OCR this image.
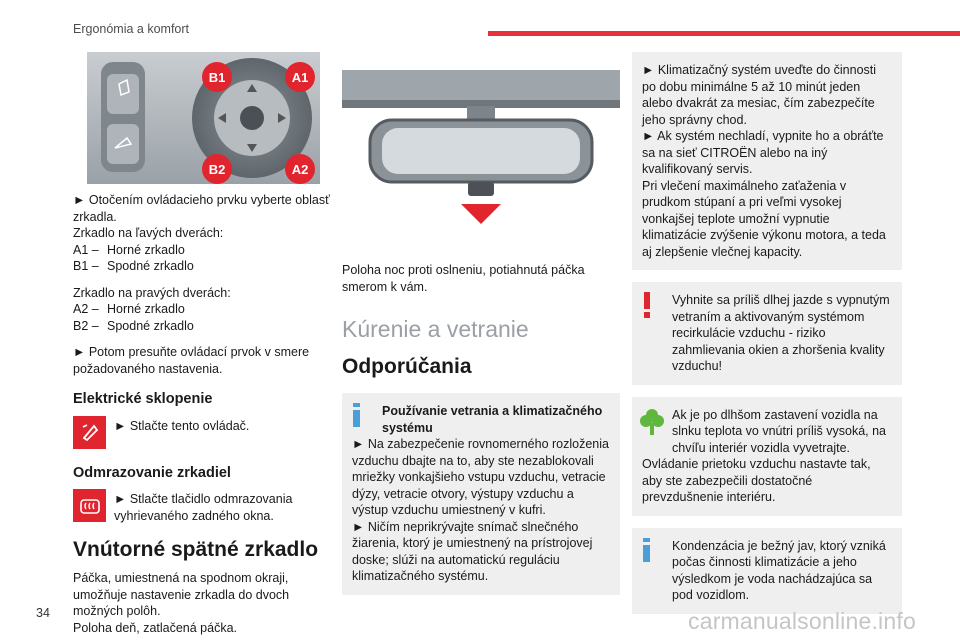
Ergonómia a komfort
B1	A1
B2	A2

► Otočením ovládacieho prvku vyberte oblasť zrkadla.

Zrkadlo na ľavých dverách:

A1 – Horné zrkadlo
B1 – Spodné zrkadlo

Zrkadlo na pravých dverách:

A2 – Horné zrkadlo
B2 – Spodné zrkadlo

► Potom presuňte ovládací prvok v smere požadovaného nastavenia.

Elektrické sklopenie
► Stlačte tento ovládač.
Odmrazovanie zrkadiel
► Stlačte tlačidlo odmrazovania vyhrievaného zadného okna.
Vnútorné spätné zrkadlo

Páčka, umiestnená na spodnom okraji, umožňuje nastavenie zrkadla do dvoch možných polôh.

Poloha deň, zatlačená páčka.

Poloha noc proti oslneniu, potiahnutá páčka smerom k vám.

Kúrenie a vetranie
Odporúčania

Používanie vetrania a klimatizačného systému

► Na zabezpečenie rovnomerného rozloženia vzduchu dbajte na to, aby ste nezablokovali mriežky vonkajšieho vstupu vzduchu, vetracie dýzy, vetracie otvory, výstupy vzduchu a výstup vzduchu umiestnený v kufri.

► Ničím neprikrývajte snímač slnečného žiarenia, ktorý je umiestnený na prístrojovej doske; slúži na automatickú reguláciu klimatizačného systému.

► Klimatizačný systém uveďte do činnosti po dobu minimálne 5 až 10 minút jeden alebo dvakrát za mesiac, čím zabezpečíte jeho správny chod.

► Ak systém nechladí, vypnite ho a obráťte sa na sieť CITROËN alebo na iný kvalifikovaný servis.

Pri vlečení maximálneho zaťaženia v prudkom stúpaní a pri veľmi vysokej vonkajšej teplote umožní vypnutie klimatizácie zvýšenie výkonu motora, a teda aj zlepšenie vlečnej kapacity.

Vyhnite sa príliš dlhej jazde s vypnutým vetraním a aktivovaným systémom recirkulácie vzduchu - riziko zahmlievania okien a zhoršenia kvality vzduchu!

Ak je po dlhšom zastavení vozidla na slnku teplota vo vnútri príliš vysoká, na chvíľu interiér vozidla vyvetrajte.

Ovládanie prietoku vzduchu nastavte tak, aby ste zabezpečili dostatočné prevzdušnenie interiéru.

Kondenzácia je bežný jav, ktorý vzniká počas činnosti klimatizácie a jeho výsledkom je voda nachádzajúca sa pod vozidlom.

34	carmanualsonline.info
